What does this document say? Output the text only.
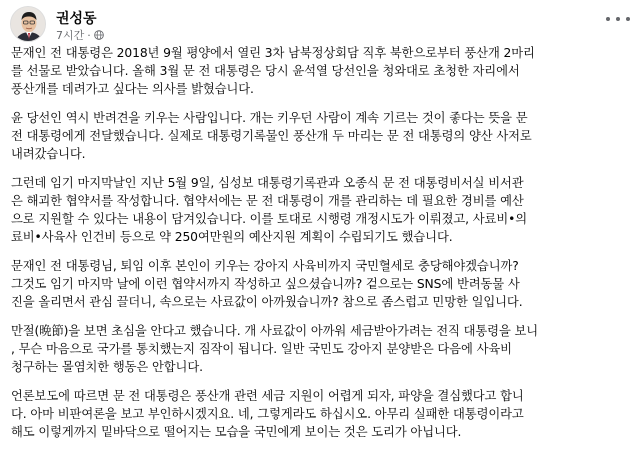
권성동
7시간 ·

문재인 전 대통령은 2018년 9월 평양에서 열린 3차 남북정상회담 직후 북한으로부터 풍산개 2마리
를 선물로 받았습니다. 올해 3월 문 전 대통령은 당시 윤석열 당선인을 청와대로 초청한 자리에서
풍산개를 데려가고 싶다는 의사를 밝혔습니다.

윤 당선인 역시 반려견을 키우는 사람입니다. 개는 키우던 사람이 계속 기르는 것이 좋다는 뜻을 문
전 대통령에게 전달했습니다. 실제로 대통령기록물인 풍산개 두 마리는 문 전 대통령의 양산 사저로
내려갔습니다.

그런데 임기 마지막날인 지난 5월 9일, 심성보 대통령기록관과 오종식 문 전 대통령비서실 비서관
은 해괴한 협약서를 작성합니다. 협약서에는 문 전 대통령이 개를 관리하는 데 필요한 경비를 예산
으로 지원할 수 있다는 내용이 담겨있습니다. 이를 토대로 시행령 개정시도가 이뤄졌고, 사료비•의
료비•사육사 인건비 등으로 약 250여만원의 예산지원 계획이 수립되기도 했습니다.

문재인 전 대통령님, 퇴임 이후 본인이 키우는 강아지 사육비까지 국민혈세로 충당해야겠습니까?
그것도 임기 마지막 날에 이런 협약서까지 작성하고 싶으셨습니까? 겉으로는 SNS에 반려동물 사
진을 올리면서 관심 끌더니, 속으로는 사료값이 아까웠습니까? 참으로 좀스럽고 민망한 일입니다.

만절(晩節)을 보면 초심을 안다고 했습니다. 개 사료값이 아까워 세금받아가려는 전직 대통령을 보니
, 무슨 마음으로 국가를 통치했는지 짐작이 됩니다. 일반 국민도 강아지 분양받은 다음에 사육비
청구하는 몰염치한 행동은 안합니다.

언론보도에 따르면 문 전 대통령은 풍산개 관련 세금 지원이 어렵게 되자, 파양을 결심했다고 합니
다. 아마 비판여론을 보고 부인하시겠지요. 네, 그렇게라도 하십시오. 아무리 실패한 대통령이라고
해도 이렇게까지 밑바닥으로 떨어지는 모습을 국민에게 보이는 것은 도리가 아닙니다.
